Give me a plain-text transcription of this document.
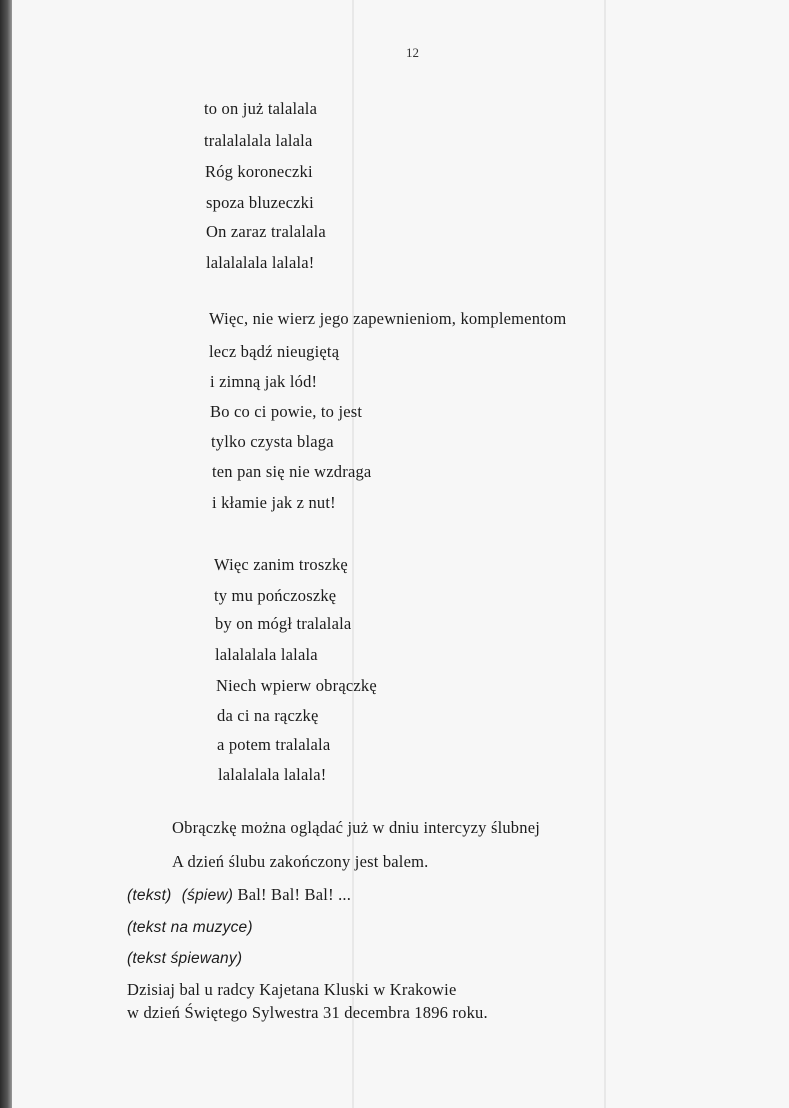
12
to on już talalala
tralalalala lalala
Róg koroneczki
spoza bluzeczki
On zaraz tralalala
lalalalala lalala!
Więc, nie wierz jego zapewnieniom, komplementom
lecz bądź nieugiętą
i zimną jak lód!
Bo co ci powie, to jest
tylko czysta blaga
ten pan się nie wzdraga
i kłamie jak z nut!
Więc zanim troszkę
ty mu pończoszkę
by on mógł tralalala
lalalalala lalala
Niech wpierw obrączkę
da ci na rączkę
a potem tralalala
lalalalala lalala!
Obrączkę można oglądać już w dniu intercyzy ślubnej
A dzień ślubu zakończony jest balem.
(tekst) (śpiew) Bal! Bal! Bal! ...
(tekst na muzyce)
(tekst śpiewany)
Dzisiaj bal u radcy Kajetana Kluski w Krakowie
w dzień Świętego Sylwestra 31 decembra 1896 roku.
